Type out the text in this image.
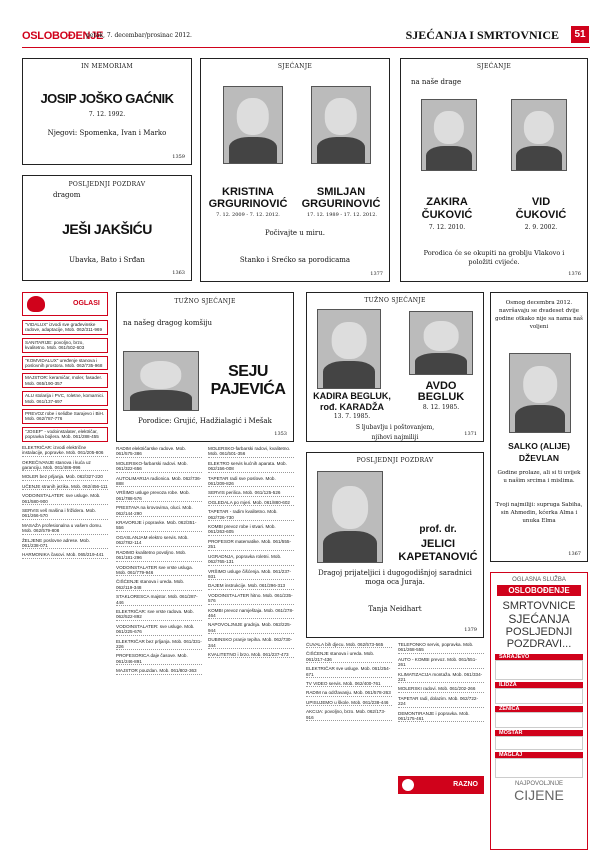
OSLOBOĐENJE
petak, 7. decembar/prosinac 2012.	SJEĆANJA I SMRTOVNICE	51
IN MEMORIAM
JOSIP JOŠKO GAĆNIK
7. 12. 1992.
Njegovi: Spomenka, Ivan i Marko
1359
POSLJEDNJI POZDRAV
dragom
JEŠI JAKŠIĆU
Ubavka, Bato i Srđan
1363
SJEĆANJE
KRISTINA
GRGURINOVIĆ
7. 12. 2009 - 7. 12. 2012.
SMILJAN
GRGURINOVIĆ
17. 12. 1989 - 17. 12. 2012.
Počivajte u miru.
Stanko i Srećko sa porodicama
1377
SJEĆANJE
na naše drage
ZAKIRA
ČUKOVIĆ
7. 12. 2010.
VID
ČUKOVIĆ
2. 9. 2002.
Porodica će se okupiti na groblju Vlakovo i položiti cvijeće.
1376
OGLASI
"VIDALUX" izvodi sve građevinske radove, adaptacije, Mob. 062/311-969
SANITARIJE: povoljno, brzo, kvalitetno. Mob. 061/502-603
"KOMVIDALUX" uređenje stanova i poslovnih prostora. Mob. 062/735-968
MAJSTOR: keramičar, moler, fasader. Mob. 065/190-357
ALU stolarija i PVC, roletne, komarnici. Mob. 061/137-697
PREVOZ robe i selidbe Sarajevo i BiH. Mob. 062/787-776
"JOSEF" - vodoinstalater, električar, popravka bojlera. Mob. 061/288-455
ELEKTRIČAR: izvodi električne instalacije, popravke. Mob. 061/205-806
OKREČIVANJE stanova i kuća uz garanciju. Mob. 061/486-996
MOLER bez prljanja. Mob. 062/327-220
UČENJE stranih jezika. Mob. 062/456-111
VODOINSTALATER: sve usluge. Mob. 061/580-900
SERVIS veš mašina i frižidera. Mob. 061/266-570
MASAŽA profesionalna u vašem domu. Mob. 062/579-808
ŽELJENE poslovne adrese. Mob. 061/238-071
HARMONIKA časovi. Mob. 065/219-441
TUŽNO SJEĆANJE
na našeg dragog komšiju
SEJU
PAJEVIĆA
Porodice: Grujić, Hadžialagić i Mešak
1353
TUŽNO SJEĆANJE
KADIRA BEGLUK,
rođ. KARADŽA
13. 7. 1985.
AVDO
BEGLUK
8. 12. 1985.
S ljubavlju i poštovanjem,
njihovi najmiliji	1371
Osmog decembra 2012. navršavaju se dvadeset dvije godine otkako nije sa nama naš voljeni
SALKO (ALIJE)
DŽEVLAN
Godine prolaze, ali si ti uvijek u našim srcima i mislima.
Tvoji najmiliji: supruga Sabiha, sin Ahmedin, kćerka Alma i unuka Elma
1367
RADIM električarske radove. Mob. 061/575-386
MOLERSKO-farbarski radovi. Mob. 061/322-656
AUTOLIMARIJA radionica. Mob. 062/736-888
VRŠIMO usluge prevoza robe. Mob. 061/788-576
PRESTAVA na krovovima, oluci. Mob. 062/144-290
KRAVORIJE i popravke. Mob. 062/351-556
OGASLANJAM elektro servis. Mob. 062/782-114
RADIMO kvalitetno povoljno. Mob. 061/181-296
VODOINSTALATER sve vrste usluga. Mob. 061/779-946
ČIŠĆENJE stanova i ureda. Mob. 062/119-348
STAKLORESCA majstor. Mob. 061/287-446
ELEKTRIČAR: sve vrste radova. Mob. 062/522-892
VODOINSTALATER: sve usluge. Mob. 061/225-676
ELEKTRIČAR bez prljanja. Mob. 061/331-226
PROFESORICA daje časove. Mob. 061/246-891
MAJSTOR pouzdan. Mob. 061/802-363
MOLERSKO-farbarski radovi, kvalitetno. Mob. 061/501-356
ELEKTRO servis kućnih aparata. Mob. 062/156-008
TAPETAR radi sve poslove. Mob. 061/209-826
SERVIS perilica. Mob. 061/125-526
OGLEDALA po mjeri. Mob. 061/880-602
TAPETAR - radim kvalitetno. Mob. 062/726-730
KOMBI prevoz robe i stvari. Mob. 061/263-605
PROFESOR matematike. Mob. 061/555-251
UGRADNJA, popravka roletni. Mob. 062/765-131
VRŠIMO usluge čišćenja. Mob. 061/237-931
DAJEM instrukcije. Mob. 061/296-313
VODOINSTALATER hitno. Mob. 061/235-576
KOMBI prevoz namještaja. Mob. 061/278-464
NAPOVOLJNIJE gradnja. Mob. 062/225-944
DUBINSKO pranje tepiha. Mob. 062/730-344
KVALITETNO i brzo. Mob. 061/237-473
POSLJEDNJI POZDRAV
prof. dr.
JELICI
KAPETANOVIĆ
Dragoj prijateljici i dugogodišnjoj saradnici moga oca Juraja.
Tanja Neidhart
1379
ĆUVALA bih djecu. Mob. 062/573-565
ČIŠĆENJE stanova i ureda. Mob. 061/217-436
ELEKTRIČAR sve usluge. Mob. 061/254-671
TV VIDEO servis. Mob. 062/400-761
RADIM na održavanju. Mob. 061/578-263
UPISUJEMO u škole. Mob. 061/238-446
AKCIJA: povoljno, brzo. Mob. 062/173-916
TELEFONKO servis, popravka. Mob. 061/268-555
AUTO - KOMBI prevoz. Mob. 061/551-261
KLIMATIZACIJA montaža. Mob. 061/334-221
MOLERSKI radovi. Mob. 061/202-266
TAPETAR radi, dolazim. Mob. 062/722-224
DEMONTIRANJE i popravka. Mob. 061/175-461
RAZNO
OGLASNA SLUŽBA
OSLOBOĐENJE
SMRTOVNICE
SJEĆANJA
POSLJEDNJI
POZDRAVI...
SARAJEVO
ILIDŽA
ZENICA
MOSTAR
MAGLAJ
NAJPOVOLJNIJE
CIJENE
